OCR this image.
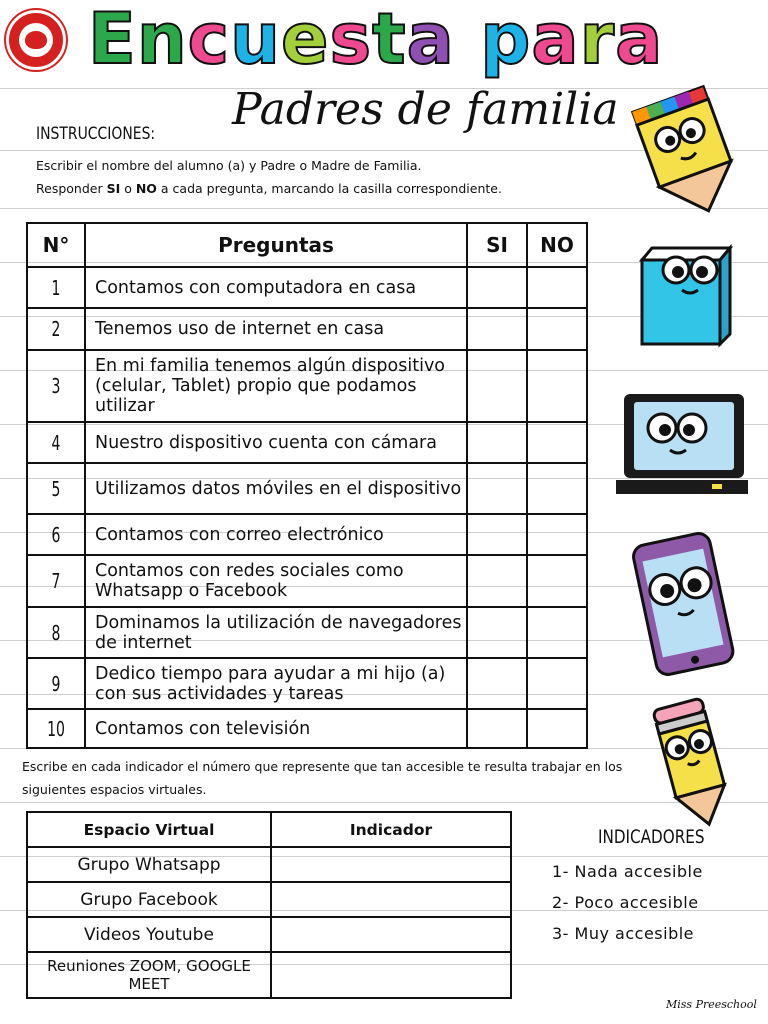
Encuesta para
Padres de familia
INSTRUCCIONES:
Escribir el nombre del alumno (a) y Padre o Madre de Familia.
Responder SI o NO a cada pregunta, marcando la casilla correspondiente.
N°	Preguntas	SI	NO
1	Contamos con computadora en casa		
2	Tenemos uso de internet en casa		
3	En mi familia tenemos algún dispositivo (celular, Tablet) propio que podamos utilizar		
4	Nuestro dispositivo cuenta con cámara		
5	Utilizamos datos móviles en el dispositivo		
6	Contamos con correo electrónico		
7	Contamos con redes sociales como Whatsapp o Facebook		
8	Dominamos la utilización de navegadores de internet		
9	Dedico tiempo para ayudar a mi hijo (a) con sus actividades y tareas		
10	Contamos con televisión		
Escribe en cada indicador el número que represente que tan accesible te resulta trabajar en los
siguientes espacios virtuales.
Espacio Virtual	Indicador
Grupo Whatsapp	
Grupo Facebook	
Videos Youtube	
Reuniones ZOOM, GOOGLE MEET	
INDICADORES
1- Nada accesible
2- Poco accesible
3- Muy accesible
Miss Preeschool
